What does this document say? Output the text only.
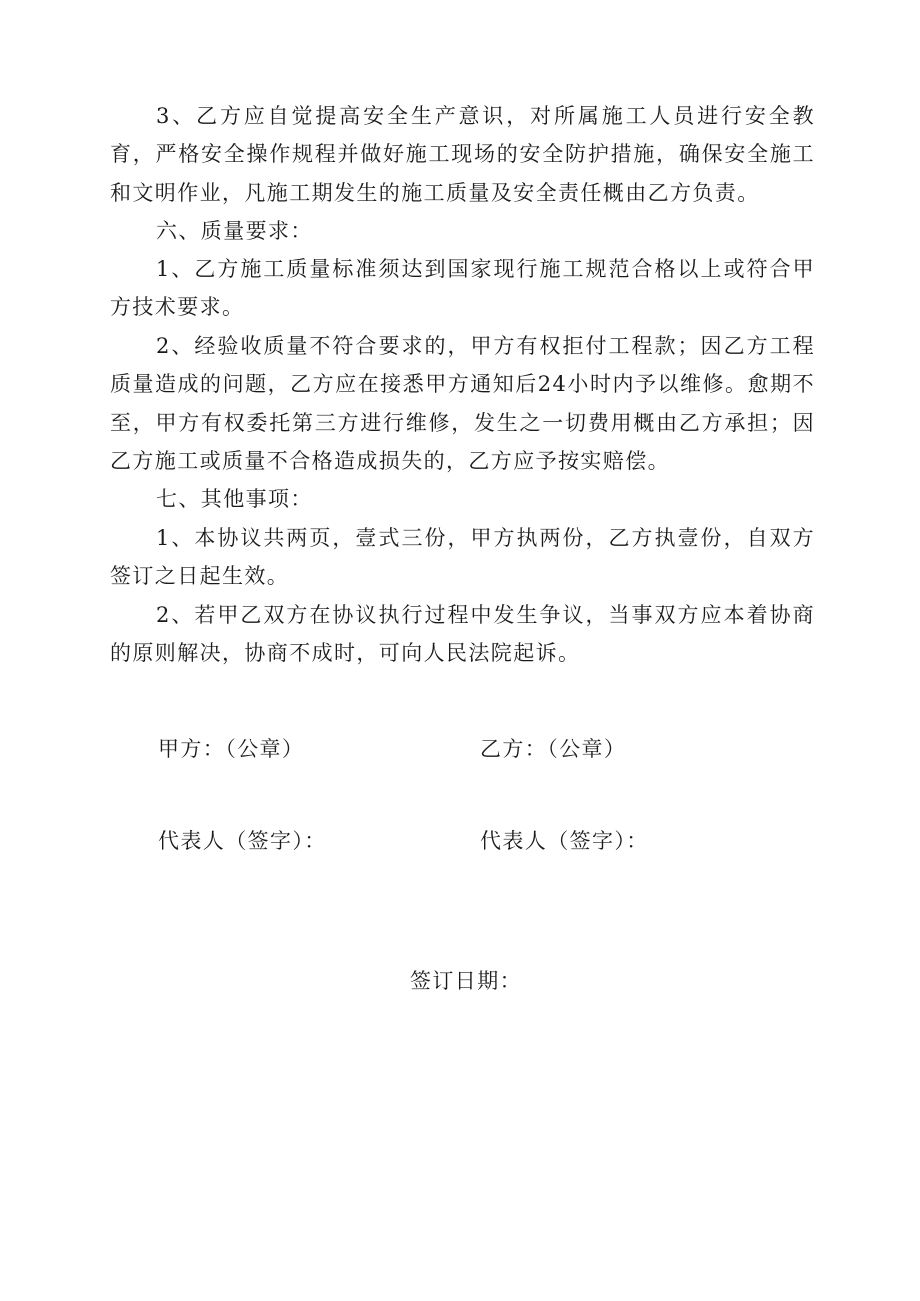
3、乙方应自觉提高安全生产意识，对所属施工人员进行安全教育，严格安全操作规程并做好施工现场的安全防护措施，确保安全施工和文明作业，凡施工期发生的施工质量及安全责任概由乙方负责。

六、质量要求：

1、乙方施工质量标准须达到国家现行施工规范合格以上或符合甲方技术要求。

2、经验收质量不符合要求的，甲方有权拒付工程款；因乙方工程质量造成的问题，乙方应在接悉甲方通知后24小时内予以维修。愈期不至，甲方有权委托第三方进行维修，发生之一切费用概由乙方承担；因乙方施工或质量不合格造成损失的，乙方应予按实赔偿。

七、其他事项：

1、本协议共两页，壹式三份，甲方执两份，乙方执壹份，自双方签订之日起生效。

2、若甲乙双方在协议执行过程中发生争议，当事双方应本着协商的原则解决，协商不成时，可向人民法院起诉。

甲方：（公章）	乙方：（公章）
代表人（签字）：	代表人（签字）：
签订日期：
